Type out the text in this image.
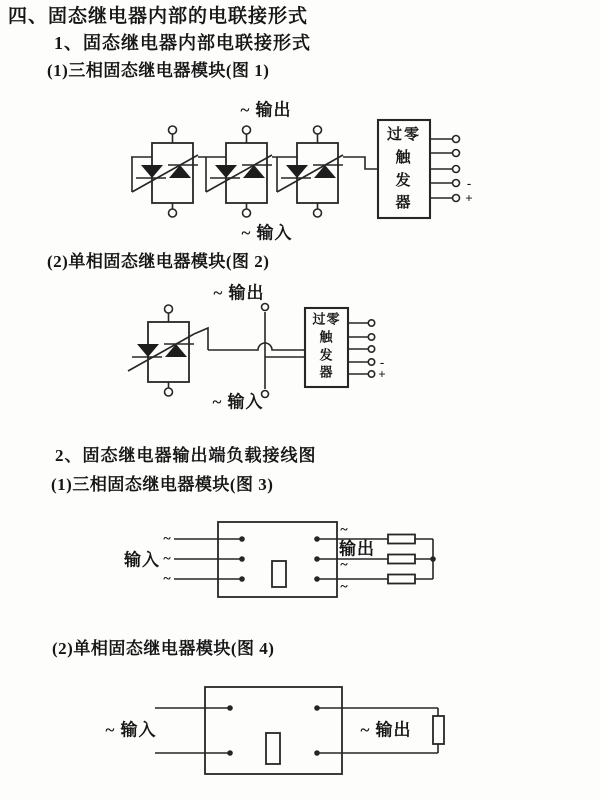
四、固态继电器内部的电联接形式
1、固态继电器内部电联接形式
(1)三相固态继电器模块(图 1)
(2)单相固态继电器模块(图 2)
2、固态继电器输出端负载接线图
(1)三相固态继电器模块(图 3)
(2)单相固态继电器模块(图 4)
~ 输出
过零
触
发
器
-
+
~ 输入
~ 输出
过零
触
发
器
-
+
~ 输入
输入
~
~
~
~
输出
~
~
~ 输入	~ 输出
